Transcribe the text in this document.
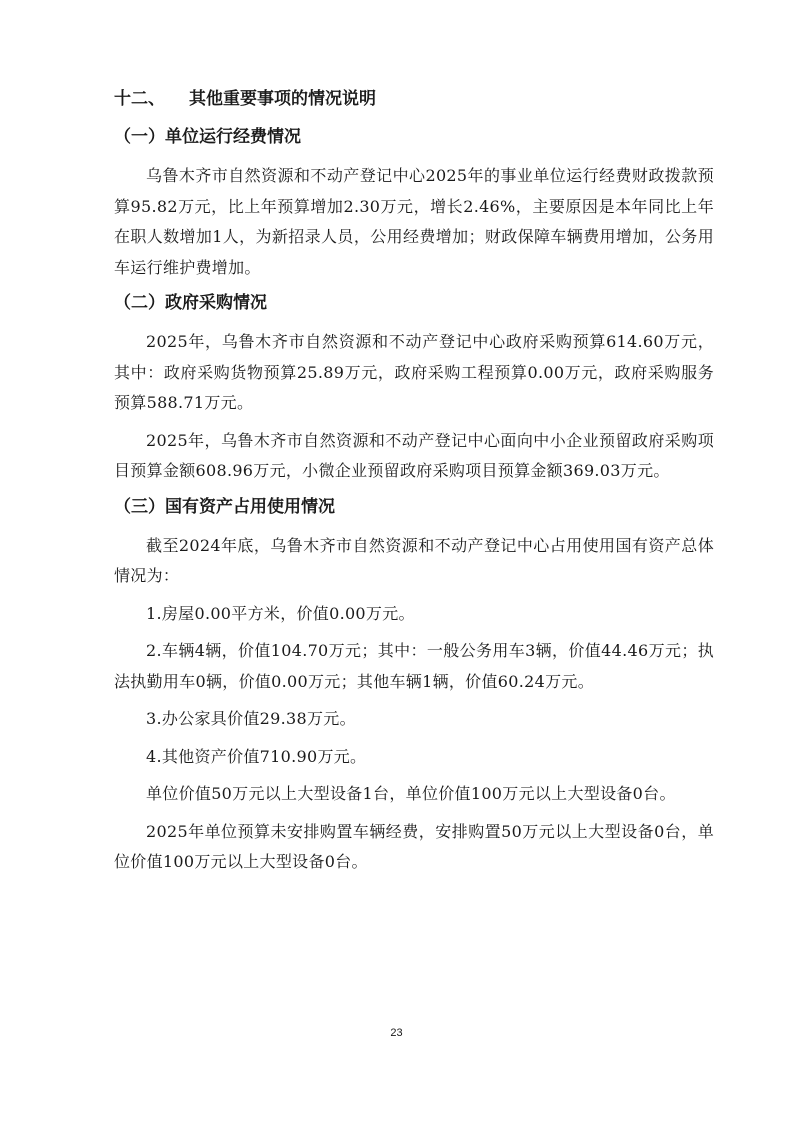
十二、 其他重要事项的情况说明
（一）单位运行经费情况

乌鲁木齐市自然资源和不动产登记中心2025年的事业单位运行经费财政拨款预算95.82万元，比上年预算增加2.30万元，增长2.46%，主要原因是本年同比上年在职人数增加1人，为新招录人员，公用经费增加；财政保障车辆费用增加，公务用车运行维护费增加。

（二）政府采购情况

2025年，乌鲁木齐市自然资源和不动产登记中心政府采购预算614.60万元，其中：政府采购货物预算25.89万元，政府采购工程预算0.00万元，政府采购服务预算588.71万元。

2025年，乌鲁木齐市自然资源和不动产登记中心面向中小企业预留政府采购项目预算金额608.96万元，小微企业预留政府采购项目预算金额369.03万元。

（三）国有资产占用使用情况

截至2024年底，乌鲁木齐市自然资源和不动产登记中心占用使用国有资产总体情况为：

1.房屋0.00平方米，价值0.00万元。

2.车辆4辆，价值104.70万元；其中：一般公务用车3辆，价值44.46万元；执法执勤用车0辆，价值0.00万元；其他车辆1辆，价值60.24万元。

3.办公家具价值29.38万元。

4.其他资产价值710.90万元。

单位价值50万元以上大型设备1台，单位价值100万元以上大型设备0台。

2025年单位预算未安排购置车辆经费，安排购置50万元以上大型设备0台，单位价值100万元以上大型设备0台。

23
